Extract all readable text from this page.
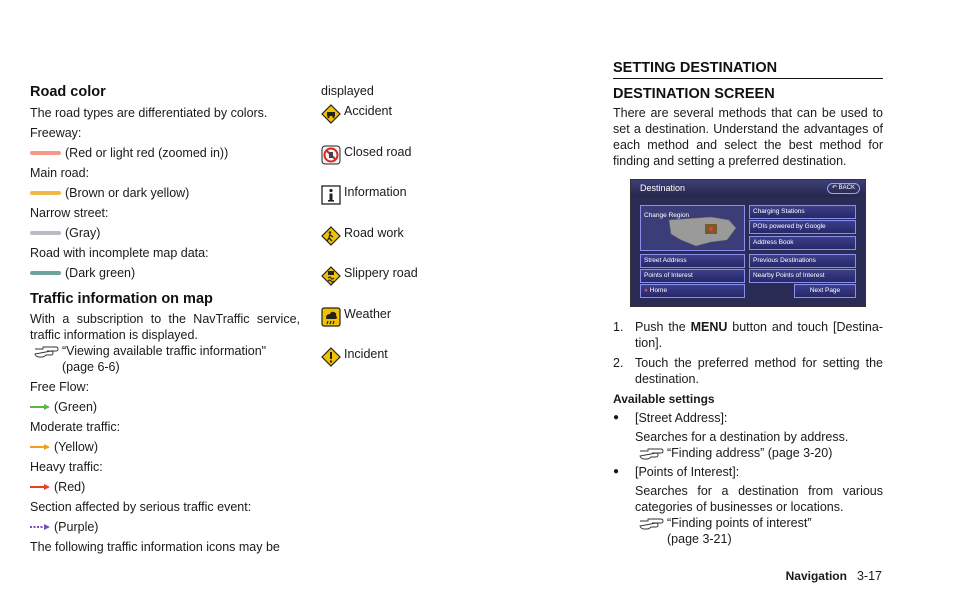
Road color

The road types are differentiated by colors.

Freeway:

(Red or light red (zoomed in))

Main road:

(Brown or dark yellow)

Narrow street:

(Gray)

Road with incomplete map data:

(Dark green)

Traffic information on map

With a subscription to the NavTraffic service, traffic information is displayed.

“Viewing available traffic information"

(page 6-6)

Free Flow:

(Green)

Moderate traffic:

(Yellow)

Heavy traffic:

(Red)

Section affected by serious traffic event:

(Purple)

The following traffic information icons may be

displayed

Accident
Closed road
Information
Road work
Slippery road
Weather
Incident
SETTING DESTINATION
DESTINATION SCREEN

There are several methods that can be used to set a destination. Understand the advantages of each method and select the best method for finding and setting a preferred destination.

Destination	↶ BACK
Change Region
Street Address
Points of Interest
● Home
Charging Stations
POIs powered by Google
Address Book
Previous Destinations
Nearby Points of Interest
Next Page
1. Push the MENU button and touch [Destina-tion].
2. Touch the preferred method for setting the destination.

Available settings

●	[Street Address]:

Searches for a destination by address.

“Finding address” (page 3-20)

●	[Points of Interest]:

Searches for a destination from various categories of businesses or locations.

“Finding points of interest”

(page 3-21)

Navigation 3-17
